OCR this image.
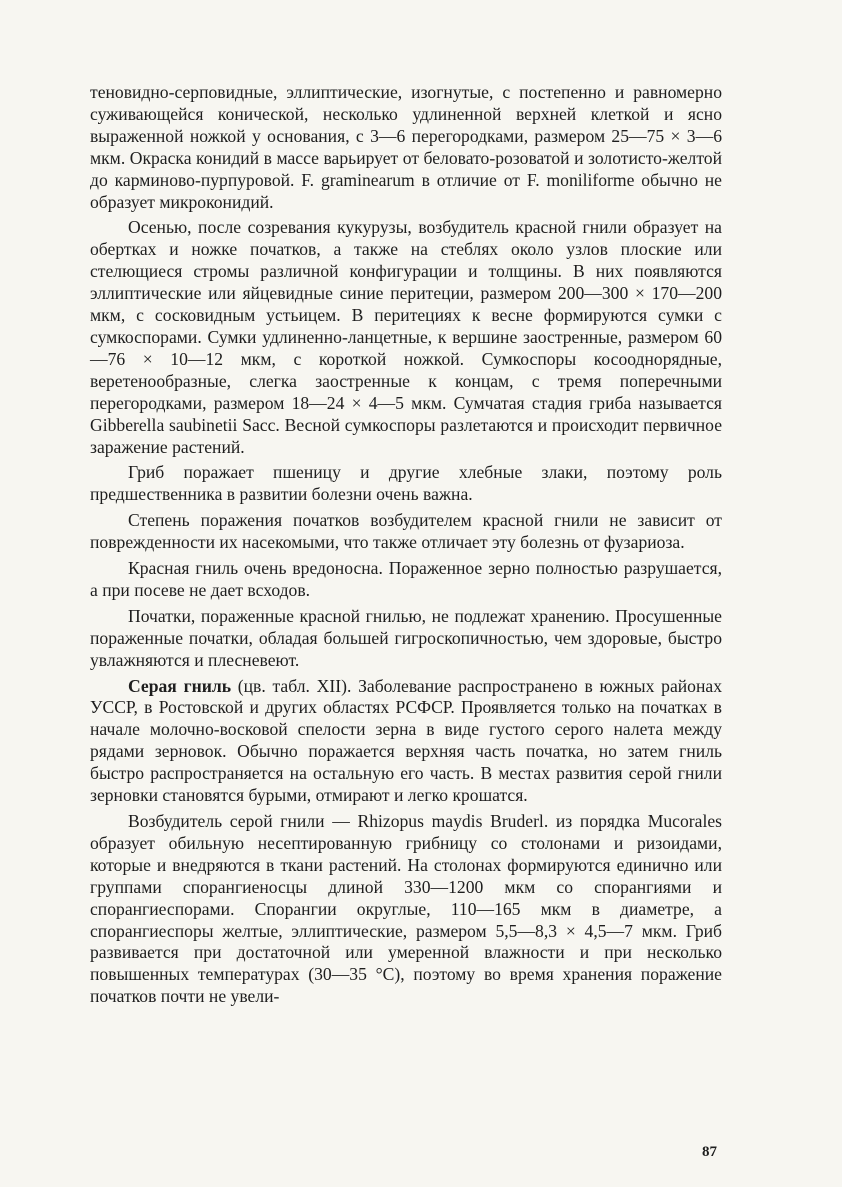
теновидно-серповидные, эллиптические, изогнутые, с постепенно и равномерно суживающейся конической, несколько удлиненной верхней клеткой и ясно выраженной ножкой у основания, с 3—6 перегородками, размером 25—75 × 3—6 мкм. Окраска конидий в массе варьирует от беловато-розоватой и золотисто-желтой до карминово-пурпуровой. F. graminearum в отличие от F. moniliforme обычно не образует микроконидий.

Осенью, после созревания кукурузы, возбудитель красной гнили образует на обертках и ножке початков, а также на стеблях около узлов плоские или стелющиеся стромы различной конфигурации и толщины. В них появляются эллиптические или яйцевидные синие перитеции, размером 200—300 × 170—200 мкм, с сосковидным устьицем. В перитециях к весне формируются сумки с сумкоспорами. Сумки удлиненно-ланцетные, к вершине заостренные, размером 60—76 × 10—12 мкм, с короткой ножкой. Сумкоспоры косооднорядные, веретенообразные, слегка заостренные к концам, с тремя поперечными перегородками, размером 18—24 × 4—5 мкм. Сумчатая стадия гриба называется Gibberella saubinetii Sacc. Весной сумкоспоры разлетаются и происходит первичное заражение растений.

Гриб поражает пшеницу и другие хлебные злаки, поэтому роль предшественника в развитии болезни очень важна.

Степень поражения початков возбудителем красной гнили не зависит от поврежденности их насекомыми, что также отличает эту болезнь от фузариоза.

Красная гниль очень вредоносна. Пораженное зерно полностью разрушается, а при посеве не дает всходов.

Початки, пораженные красной гнилью, не подлежат хранению. Просушенные пораженные початки, обладая большей гигроскопичностью, чем здоровые, быстро увлажняются и плесневеют.

Серая гниль (цв. табл. XII). Заболевание распространено в южных районах УССР, в Ростовской и других областях РСФСР. Проявляется только на початках в начале молочно-восковой спелости зерна в виде густого серого налета между рядами зерновок. Обычно поражается верхняя часть початка, но затем гниль быстро распространяется на остальную его часть. В местах развития серой гнили зерновки становятся бурыми, отмирают и легко крошатся.

Возбудитель серой гнили — Rhizopus maydis Bruderl. из порядка Mucorales образует обильную несептированную грибницу со столонами и ризоидами, которые и внедряются в ткани растений. На столонах формируются единично или группами спорангиеносцы длиной 330—1200 мкм со спорангиями и спорангиеспорами. Спорангии округлые, 110—165 мкм в диаметре, а спорангиеспоры желтые, эллиптические, размером 5,5—8,3 × 4,5—7 мкм. Гриб развивается при достаточной или умеренной влажности и при несколько повышенных температурах (30—35 °C), поэтому во время хранения поражение початков почти не увели-

87
